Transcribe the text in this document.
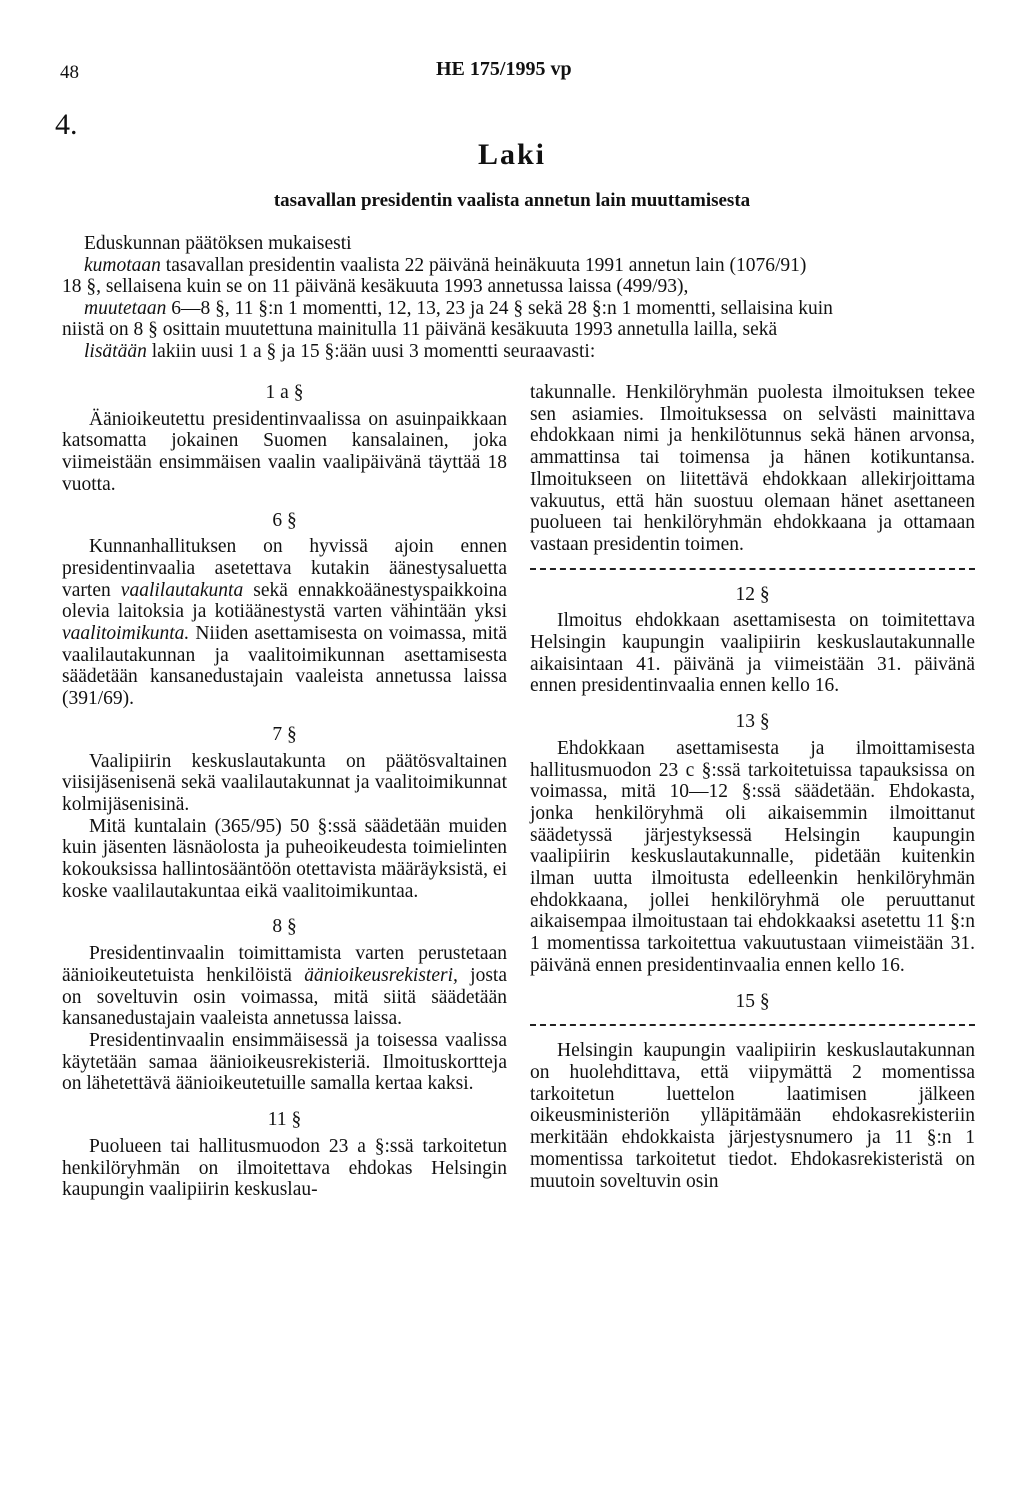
48	HE 175/1995 vp
4.
Laki
tasavallan presidentin vaalista annetun lain muuttamisesta
Eduskunnan päätöksen mukaisesti
kumotaan tasavallan presidentin vaalista 22 päivänä heinäkuuta 1991 annetun lain (1076/91)
18 §, sellaisena kuin se on 11 päivänä kesäkuuta 1993 annetussa laissa (499/93),
muutetaan 6—8 §, 11 §:n 1 momentti, 12, 13, 23 ja 24 § sekä 28 §:n 1 momentti, sellaisina kuin
niistä on 8 § osittain muutettuna mainitulla 11 päivänä kesäkuuta 1993 annetulla lailla, sekä
lisätään lakiin uusi 1 a § ja 15 §:ään uusi 3 momentti seuraavasti:
1 a §

Äänioikeutettu presidentinvaalissa on asuinpaikkaan katsomatta jokainen Suomen kansalainen, joka viimeistään ensimmäisen vaalin vaalipäivänä täyttää 18 vuotta.

6 §

Kunnanhallituksen on hyvissä ajoin ennen presidentinvaalia asetettava kutakin äänestysaluetta varten vaalilautakunta sekä ennakkoäänestyspaikkoina olevia laitoksia ja kotiäänestystä varten vähintään yksi vaalitoimikunta. Niiden asettamisesta on voimassa, mitä vaalilautakunnan ja vaalitoimikunnan asettamisesta säädetään kansanedustajain vaaleista annetussa laissa (391/69).

7 §

Vaalipiirin keskuslautakunta on päätösvaltainen viisijäsenisenä sekä vaalilautakunnat ja vaalitoimikunnat kolmijäsenisinä.

Mitä kuntalain (365/95) 50 §:ssä säädetään muiden kuin jäsenten läsnäolosta ja puheoikeudesta toimielinten kokouksissa hallintosääntöön otettavista määräyksistä, ei koske vaalilautakuntaa eikä vaalitoimikuntaa.

8 §

Presidentinvaalin toimittamista varten perustetaan äänioikeutetuista henkilöistä äänioikeusrekisteri, josta on soveltuvin osin voimassa, mitä siitä säädetään kansanedustajain vaaleista annetussa laissa.

Presidentinvaalin ensimmäisessä ja toisessa vaalissa käytetään samaa äänioikeusrekisteriä. Ilmoituskortteja on lähetettävä äänioikeutetuille samalla kertaa kaksi.

11 §

Puolueen tai hallitusmuodon 23 a §:ssä tarkoitetun henkilöryhmän on ilmoitettava ehdokas Helsingin kaupungin vaalipiirin keskuslau-

takunnalle. Henkilöryhmän puolesta ilmoituksen tekee sen asiamies. Ilmoituksessa on selvästi mainittava ehdokkaan nimi ja henkilötunnus sekä hänen arvonsa, ammattinsa tai toimensa ja hänen kotikuntansa. Ilmoitukseen on liitettävä ehdokkaan allekirjoittama vakuutus, että hän suostuu olemaan hänet asettaneen puolueen tai henkilöryhmän ehdokkaana ja ottamaan vastaan presidentin toimen.

12 §

Ilmoitus ehdokkaan asettamisesta on toimitettava Helsingin kaupungin vaalipiirin keskuslautakunnalle aikaisintaan 41. päivänä ja viimeistään 31. päivänä ennen presidentinvaalia ennen kello 16.

13 §

Ehdokkaan asettamisesta ja ilmoittamisesta hallitusmuodon 23 c §:ssä tarkoitetuissa tapauksissa on voimassa, mitä 10—12 §:ssä säädetään. Ehdokasta, jonka henkilöryhmä oli aikaisemmin ilmoittanut säädetyssä järjestyksessä Helsingin kaupungin vaalipiirin keskuslautakunnalle, pidetään kuitenkin ilman uutta ilmoitusta edelleenkin henkilöryhmän ehdokkaana, jollei henkilöryhmä ole peruuttanut aikaisempaa ilmoitustaan tai ehdokkaaksi asetettu 11 §:n 1 momentissa tarkoitettua vakuutustaan viimeistään 31. päivänä ennen presidentinvaalia ennen kello 16.

15 §

Helsingin kaupungin vaalipiirin keskuslautakunnan on huolehdittava, että viipymättä 2 momentissa tarkoitetun luettelon laatimisen jälkeen oikeusministeriön ylläpitämään ehdokasrekisteriin merkitään ehdokkaista järjestysnumero ja 11 §:n 1 momentissa tarkoitetut tiedot. Ehdokasrekisteristä on muutoin soveltuvin osin
